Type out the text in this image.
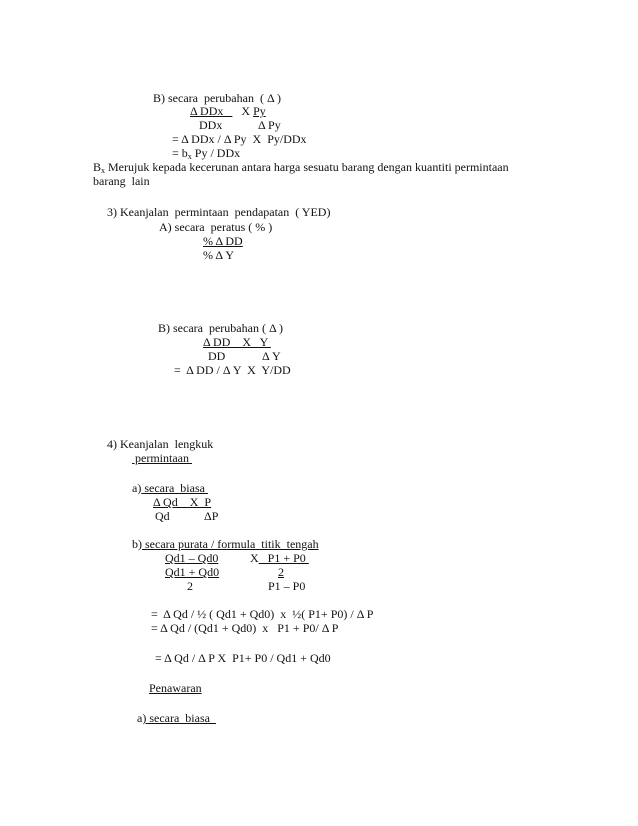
B) secara  perubahan  ( Δ )
Δ DDx      X Py
DDx	Δ Py
= Δ DDx / Δ Py  X  Py/DDx
= $b_x$ Py / DDx
$B_x$ Merujuk kepada kecerunan antara harga sesuatu barang dengan kuantiti permintaan
barang  lain
3) Keanjalan  permintaan  pendapatan  ( YED)
A) secara  peratus ( % )
% Δ DD
% Δ Y
B) secara  perubahan ( Δ )
Δ DD    X   Y
DD	Δ Y
=  Δ DD / Δ Y  X  Y/DD
4) Keanjalan  lengkuk
permintaan
a) secara  biasa
Δ Qd    X  P
Qd	ΔP
b) secara purata / formula  titik  tengah
Qd1 – Qd0	X   P1 + P0
Qd1 + Qd0	2
2	P1 – P0
=  Δ Qd / ½ ( Qd1 + Qd0)  x  ½( P1+ P0) / Δ P
= Δ Qd / (Qd1 + Qd0)  x   P1 + P0/ Δ P
= Δ Qd / Δ P X  P1+ P0 / Qd1 + Qd0
Penawaran
a) secara  biasa
